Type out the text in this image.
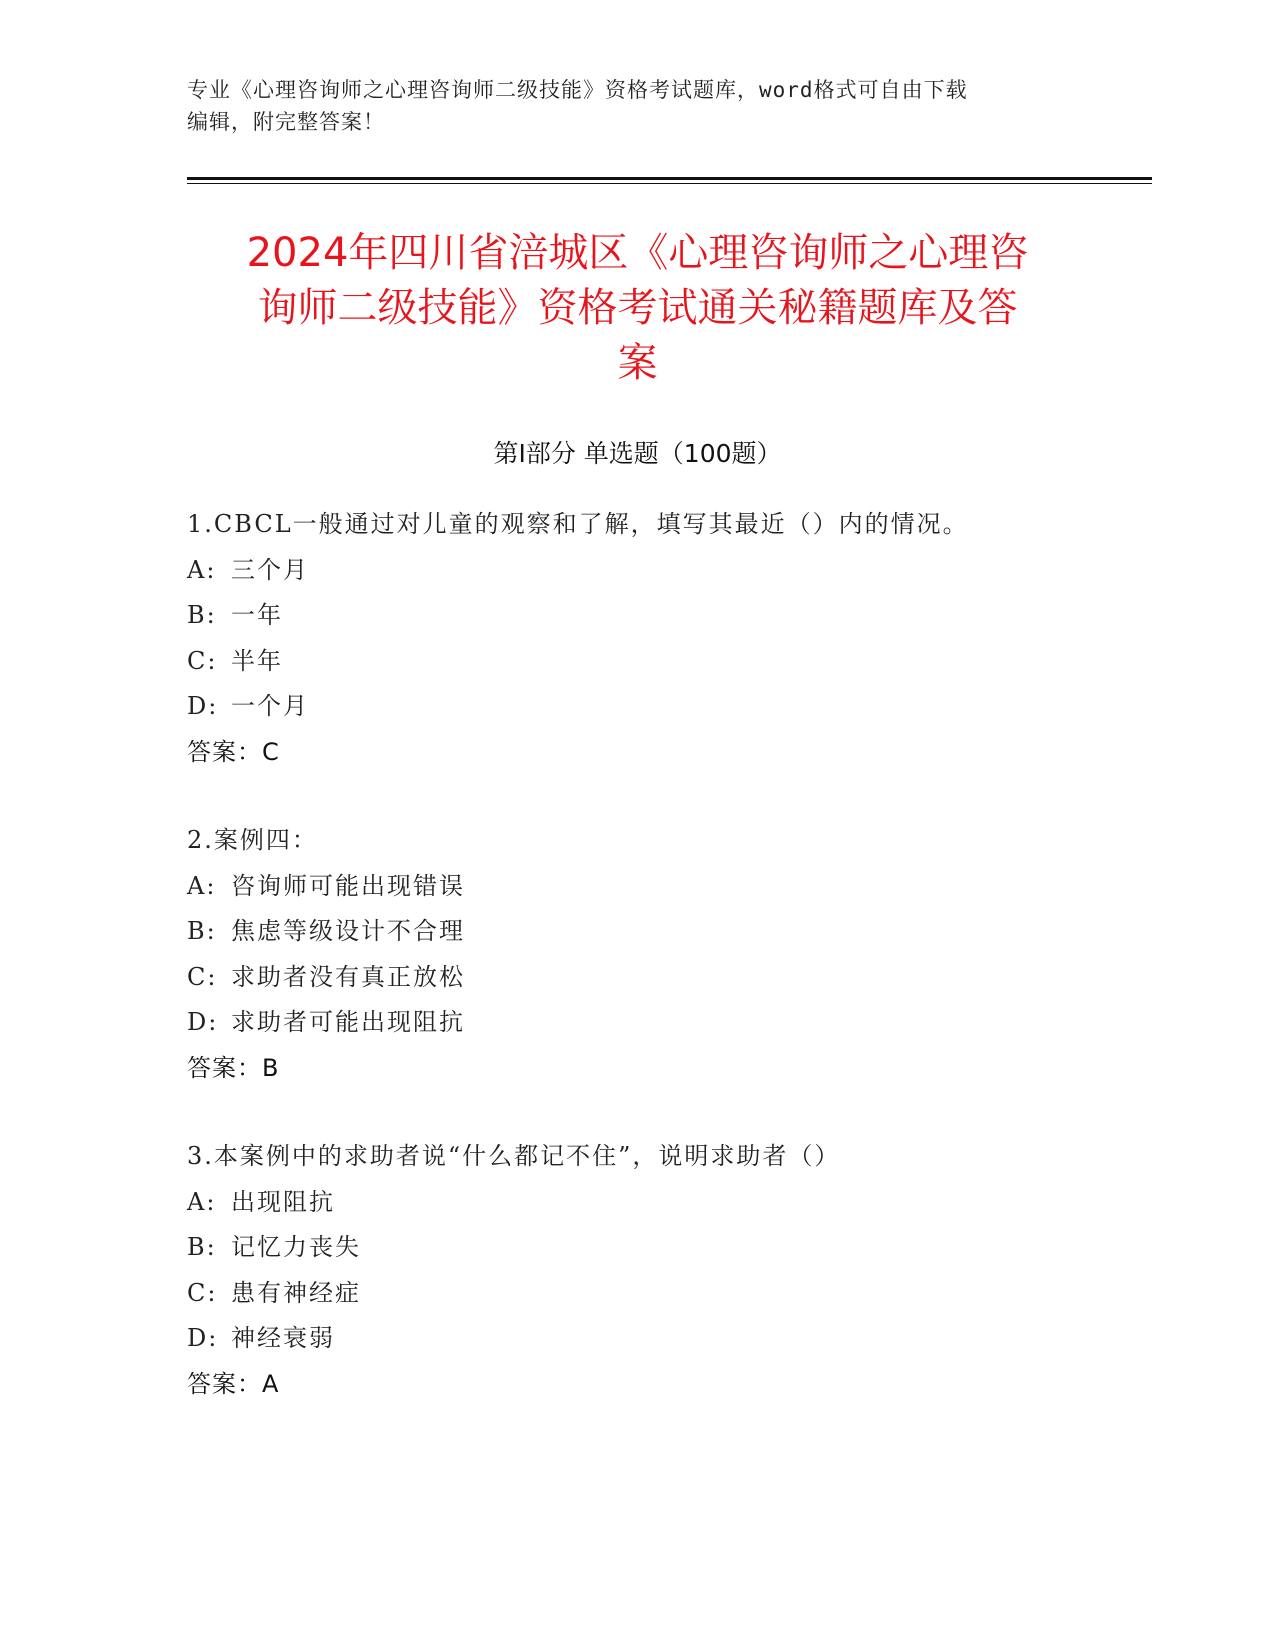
专业《心理咨询师之心理咨询师二级技能》资格考试题库，word格式可自由下载
编辑，附完整答案！
2024年四川省涪城区《心理咨询师之心理咨
询师二级技能》资格考试通关秘籍题库及答
案
第Ⅰ部分 单选题（100题）
1.CBCL一般通过对儿童的观察和了解，填写其最近（）内的情况。
A: 三个月
B: 一年
C: 半年
D: 一个月
答案：C
2.案例四：
A: 咨询师可能出现错误
B: 焦虑等级设计不合理
C: 求助者没有真正放松
D: 求助者可能出现阻抗
答案：B
3.本案例中的求助者说“什么都记不住”，说明求助者（）
A: 出现阻抗
B: 记忆力丧失
C: 患有神经症
D: 神经衰弱
答案：A
